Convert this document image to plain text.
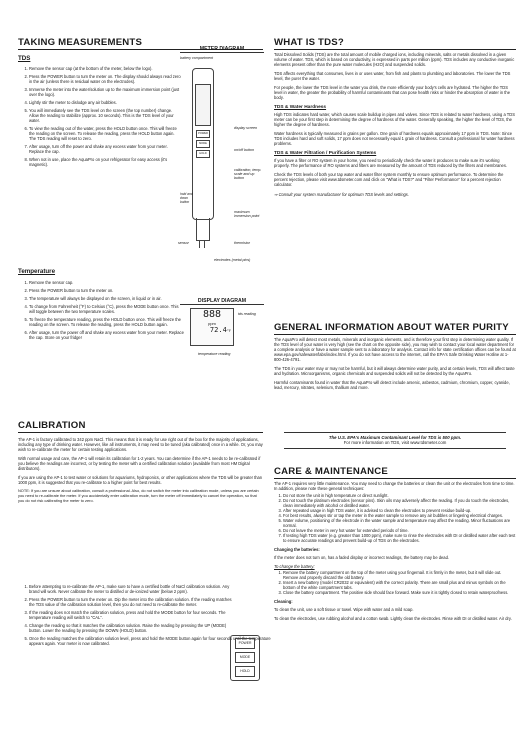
TAKING MEASUREMENTS
TDS
1. Remove the sensor cap (at the bottom of the meter, below the logo).
2. Press the POWER button to turn the meter on. The display should always read zero in the air (unless there is residual water on the electrodes).
3. Immerse the meter into the water/solution up to the maximum immersion point (just over the logo).
4. Lightly stir the meter to dislodge any air bubbles.
5. You will immediately see the TDS level on the screen (the top number) change. Allow the reading to stabilize (approx. 10 seconds). This is the TDS level of your water.
6. To view the reading out of the water, press the HOLD button once. This will freeze the reading on the screen. To release the reading, press the HOLD button again. The TDS reading will reset to zero.
7. After usage, turn off the power and shake any excess water from your meter. Replace the cap.
8. When not in use, place the AquaPro on your refrigerator for easy access (it's magnetic).
METER DIAGRAM
battery compartment
POWER
MODE
HOLD
display screen
on/off button
calibration, temp. scale and up button
hold and down button
maximum immersion point
sensor	thermistor
electrodes (metal pins)
Temperature
1. Remove the sensor cap.
2. Press the POWER button to turn the meter on.
3. The temperature will always be displayed on the screen, in liquid or in air.
4. To change from Fahrenheit (°F) to Celsius (°C), press the MODE button once. This will toggle between the two temperature scales.
5. To freeze the temperature reading, press the HOLD button once. This will freeze the reading on the screen. To release the reading, press the HOLD button again.
6. After usage, turn the power off and shake any excess water from your meter. Replace the cap. Store on your fridge!
DISPLAY DIAGRAM
888
ppm
72.4°F
tds reading
temperature reading
CALIBRATION

The AP-1 is factory calibrated to 342 ppm NaCl. This means that it is ready for use right out of the box for the majority of applications, including any type of drinking water. However, like all instruments, it may need to be tuned (aka calibrated) once in a while. Or, you may wish to re-calibrate the meter for certain testing applications.

With normal usage and care, the AP-1 will retain its calibration for 1-2 years. You can determine if the AP-1 needs to be re-calibrated if you believe the readings are incorrect, or by testing the meter with a certified calibration solution (available from most HM Digital distributors).

If you are using the AP-1 to test water or solutions for aquariums, hydroponics, or other applications where the TDS will be greater than 1000 ppm, it is suggested that you re-calibrate to a higher point for best results.

NOTE: If you are unsure about calibration, consult a professional. Also, do not switch the meter into calibration mode, unless you are certain you need to re-calibrate the meter. If you accidentally enter calibration mode, turn the meter off immediately to cancel the operation, so that you do not risk calibrating the meter to zero.

1. Before attempting to re-calibrate the AP-1, make sure to have a certified bottle of NaCl calibration solution. Any brand will work. Never calibrate the meter to distilled or de-ionized water (below 2 ppm).
2. Press the POWER button to turn the meter on. Dip the meter into the calibration solution. If the reading matches the TDS value of the calibration solution level, then you do not need to re-calibrate the meter.
3. If the reading does not match the calibration solution, press and hold the MODE button for four seconds. The temperature reading will switch to "CAL".
4. Change the reading so that it matches the calibration solution. Raise the reading by pressing the UP (MODE) button. Lower the reading by pressing the DOWN (HOLD) button.
5. Once the reading matches the calibration solution level, press and hold the MODE button again for four seconds until the temperature appears again. Your meter is now calibrated.	POWER
MODE
HOLD
WHAT IS TDS?

Total Dissolved Solids (TDS) are the total amount of mobile charged ions, including minerals, salts or metals dissolved in a given volume of water. TDS, which is based on conductivity, is expressed in parts per million (ppm). TDS includes any conductive inorganic elements present other than the pure water molecules (H2O) and suspended solids.

TDS affects everything that consumes, lives in or uses water, from fish and plants to plumbing and laboratories. The lower the TDS level, the purer the water.

For people, the lower the TDS level in the water you drink, the more efficiently your body's cells are hydrated. The higher the TDS level in water, the greater the probability of harmful contaminants that can pose health risks or hinder the absorption of water in the body.

TDS & Water Hardness

High TDS indicates hard water, which causes scale buildup in pipes and valves. Since TDS is related to water hardness, using a TDS meter can be your first step in determining the degree of hardness of the water. Generally speaking, the higher the level of TDS, the higher the degree of hardness.

Water hardness is typically measured in grains per gallon. One grain of hardness equals approximately 17 ppm in TDS. Note: Since TDS includes hard and soft solids, 17 ppm does not necessarily equal 1 grain of hardness. Consult a professional for water hardness problems.

TDS & Water Filtration / Purification Systems

If you have a filter or RO system in your home, you need to periodically check the water it produces to make sure it's working properly. The performance of RO systems and filters are measured by the amount of TDS reduced by the filters and membranes.

Check the TDS levels of both your tap water and water filter system monthly to ensure optimum performance. To determine the percent rejection, please visit www.tdsmeter.com and click on "What is TDS?" and "Filter Performance" for a percent rejection calculator.

⇒ Consult your system manufacturer for optimum TDS levels and settings.

GENERAL INFORMATION ABOUT WATER PURITY

The AquaPro will detect most metals, minerals and inorganic elements, and is therefore your first step in determining water quality. If the TDS level of your water is very high (see the chart on the opposite side), you may wish to contact your local water department for a complete analysis or have a water sample sent to a laboratory for analysis. Contact info for state certification offices can be found at www.epa.gov/safewater/labs/index.html. If you do not have access to the internet, call the EPA's Safe Drinking Water Hotline at 1-800-426-4791.

The TDS in your water may or may not be harmful, but it will always determine water purity, and at certain levels, TDS will affect taste and hydration. Microorganisms, organic chemicals and suspended solids will not be detected by the AquaPro.

Harmful contaminants found in water that the AquaPro will detect include arsenic, asbestos, cadmium, chromium, copper, cyanide, lead, mercury, nitrates, selenium, thallium and more.

The U.S. EPA's Maximum Contaminant Level for TDS is 500 ppm.
For more information on TDS, visit www.tdsmeter.com
CARE & MAINTENANCE

The AP-1 requires very little maintenance. You may need to change the batteries or clean the unit or the electrodes from time to time. In addition, please note these general techniques:

1. Do not store the unit in high temperature or direct sunlight.
2. Do not touch the platinum electrodes (sensor pins). Skin oils may adversely affect the reading. If you do touch the electrodes, clean immediately with alcohol or distilled water.
3. After repeated usage in high TDS water, it is advised to clean the electrodes to prevent residue build-up.
4. For best results, always stir or tap the meter in the water sample to remove any air bubbles or lingering electrical charges.
5. Water volume, positioning of the electrode in the water sample and temperature may affect the reading. Minor fluctuations are normal.
6. Do not leave the meter in very hot water for extended periods of time.
7. If testing high TDS water (e.g. greater than 1000 ppm), make sure to rinse the electrodes with DI or distilled water after each test to ensure accurate readings and prevent build-up of TDS on the electrodes.

Changing the batteries:

If the meter does not turn on, has a faded display or incorrect readings, the battery may be dead.

To change the battery:

1. Remove the battery compartment on the top of the meter using your fingernail. It is firmly in the meter, but it will slide out. Remove and properly discard the old battery.
2. Insert a new battery (model CR2032 or equivalent) with the correct polarity. There are small plus and minus symbols on the bottom of the white compartment tabs.
3. Close the battery compartment. The positive side should face forward. Make sure it is tightly closed to retain waterproofness.

Cleaning:

To clean the unit, use a soft tissue or towel. Wipe with water and a mild soap.

To clean the electrodes, use rubbing alcohol and a cotton swab. Lightly clean the electrodes. Rinse with DI or distilled water. Air dry.
